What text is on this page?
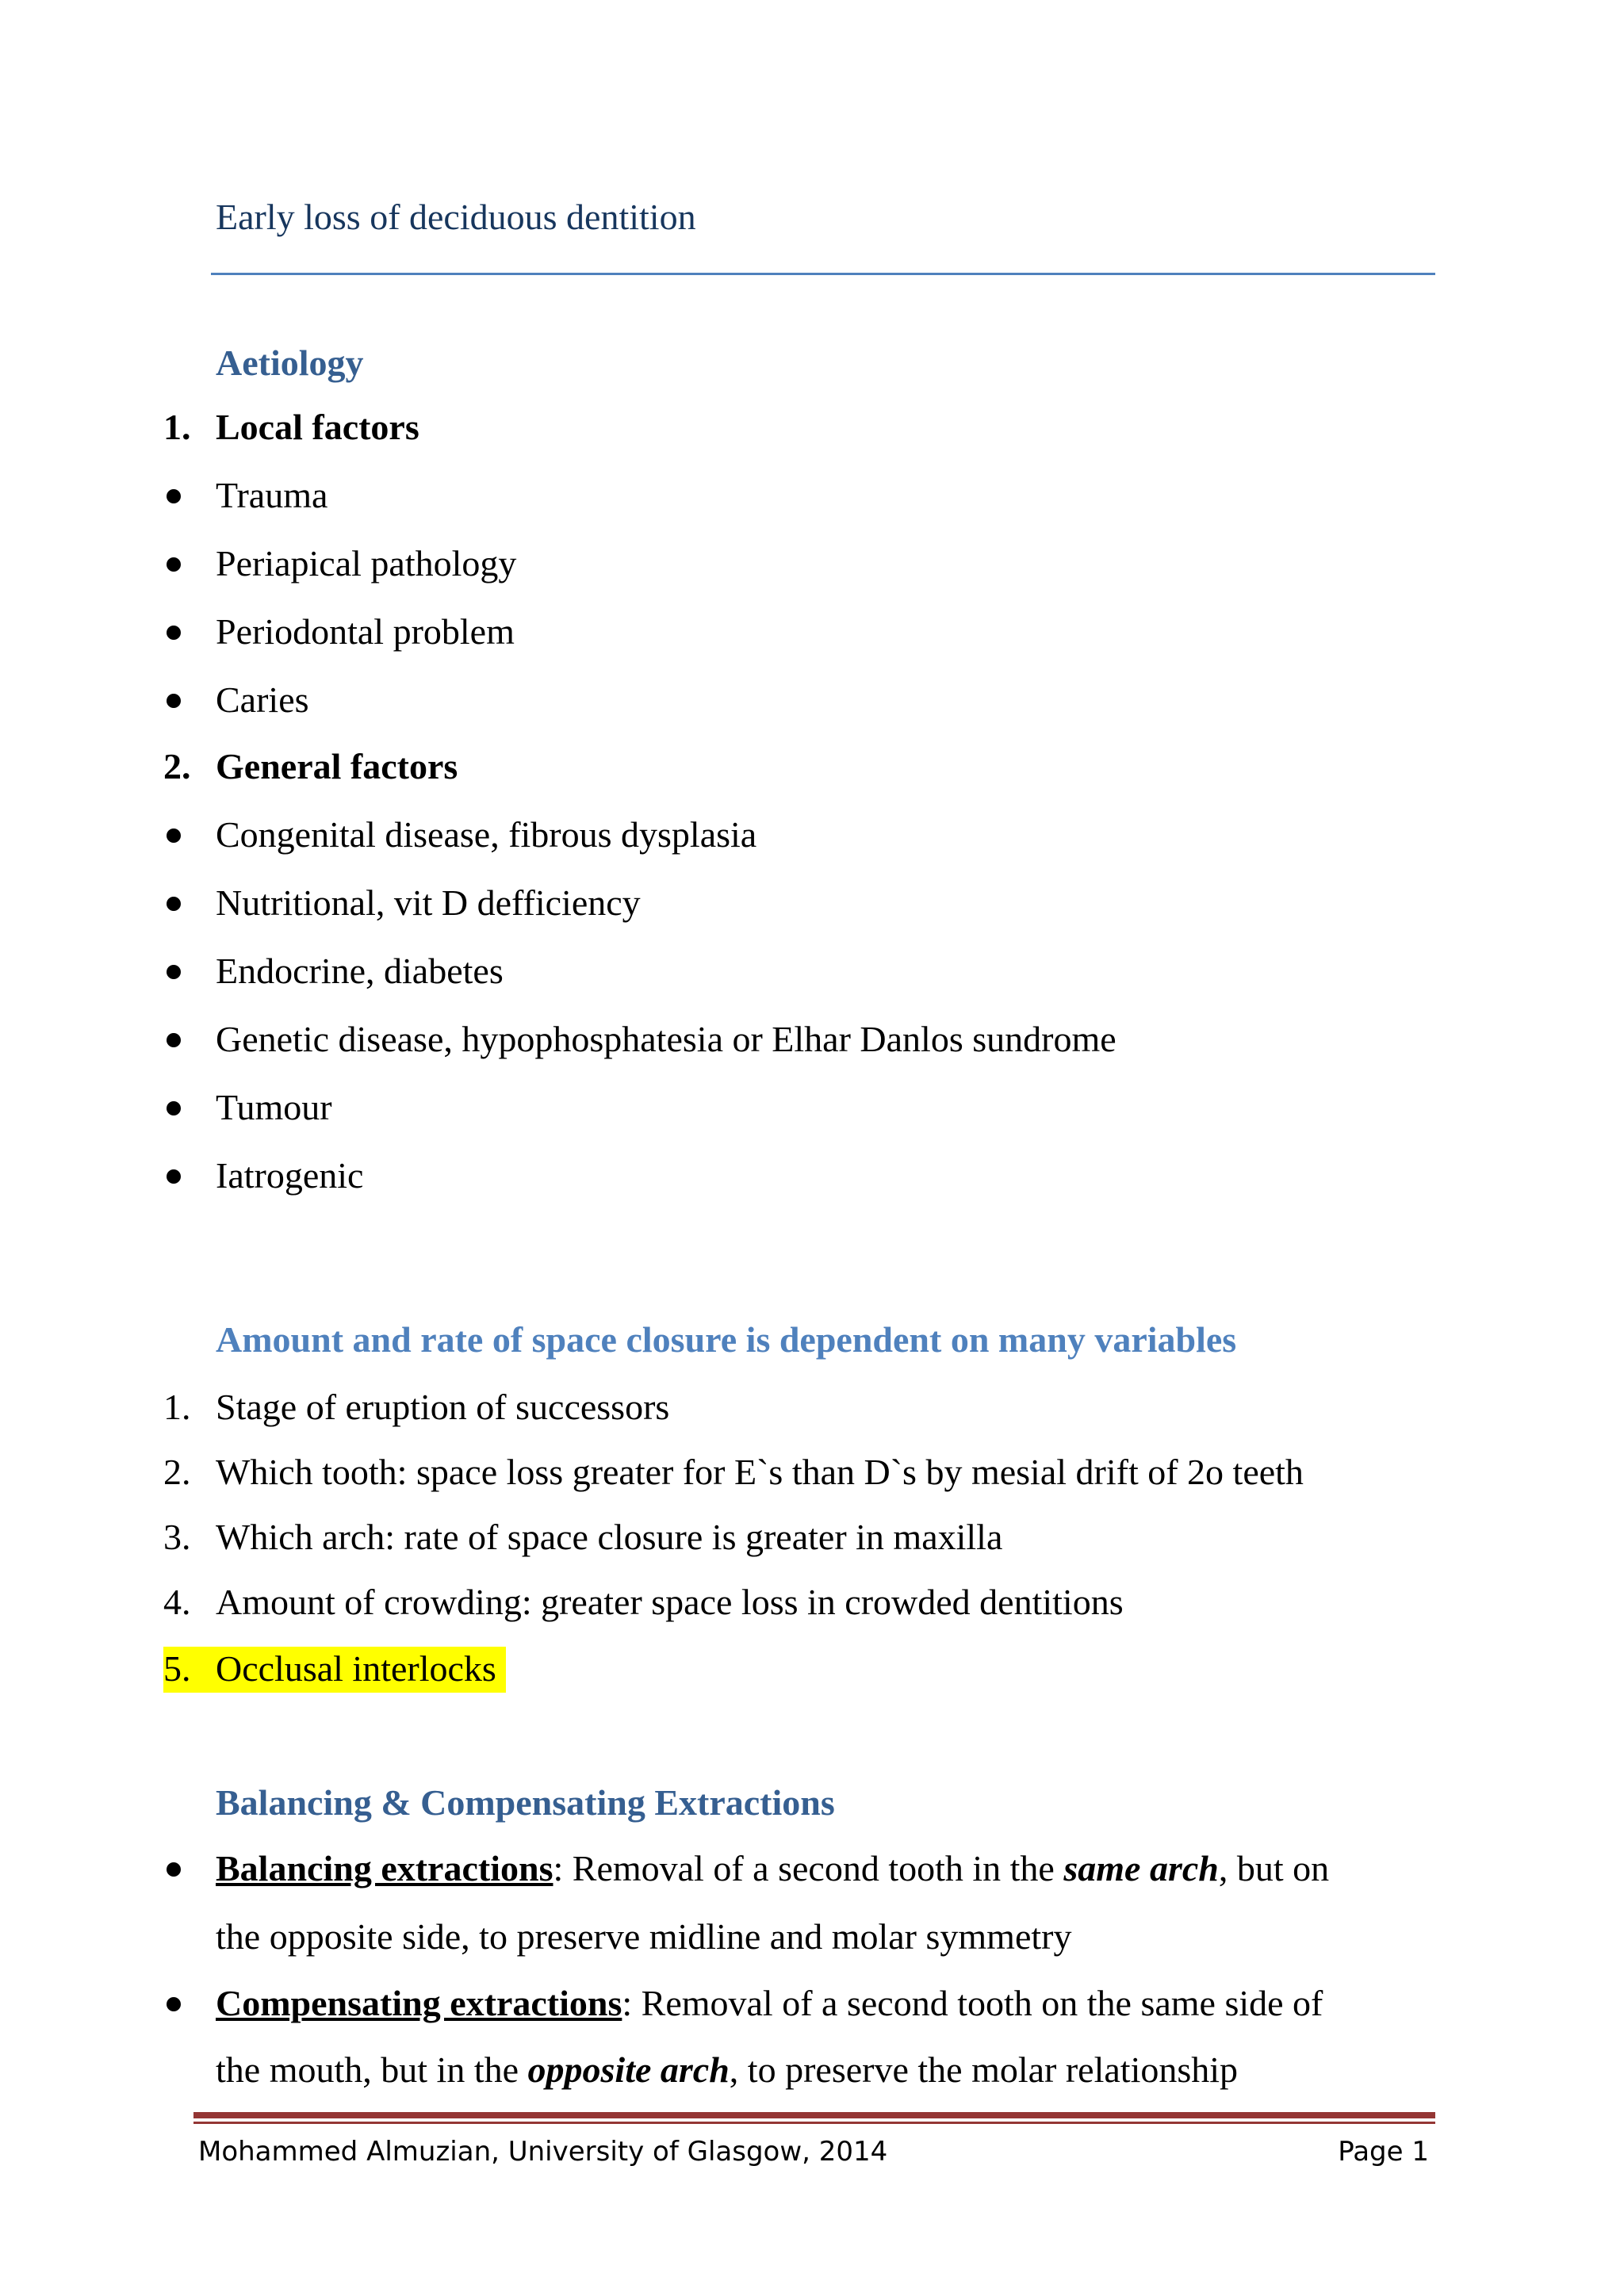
Early loss of deciduous dentition
Aetiology
1. Local factors
Trauma
Periapical pathology
Periodontal problem
Caries
2. General factors
Congenital disease, fibrous dysplasia
Nutritional, vit D defficiency
Endocrine, diabetes
Genetic disease, hypophosphatesia or Elhar Danlos sundrome
Tumour
Iatrogenic
Amount and rate of space closure is dependent on many variables
1. Stage of eruption of successors
2. Which tooth: space loss greater for E`s than D`s by mesial drift of 2o teeth
3. Which arch: rate of space closure is greater in maxilla
4. Amount of crowding: greater space loss in crowded dentitions
5. Occlusal interlocks
Balancing & Compensating Extractions
Balancing extractions: Removal of a second tooth in the same arch, but on
the opposite side, to preserve midline and molar symmetry
Compensating extractions: Removal of a second tooth on the same side of
the mouth, but in the opposite arch, to preserve the molar relationship
Mohammed Almuzian, University of Glasgow, 2014	Page 1
